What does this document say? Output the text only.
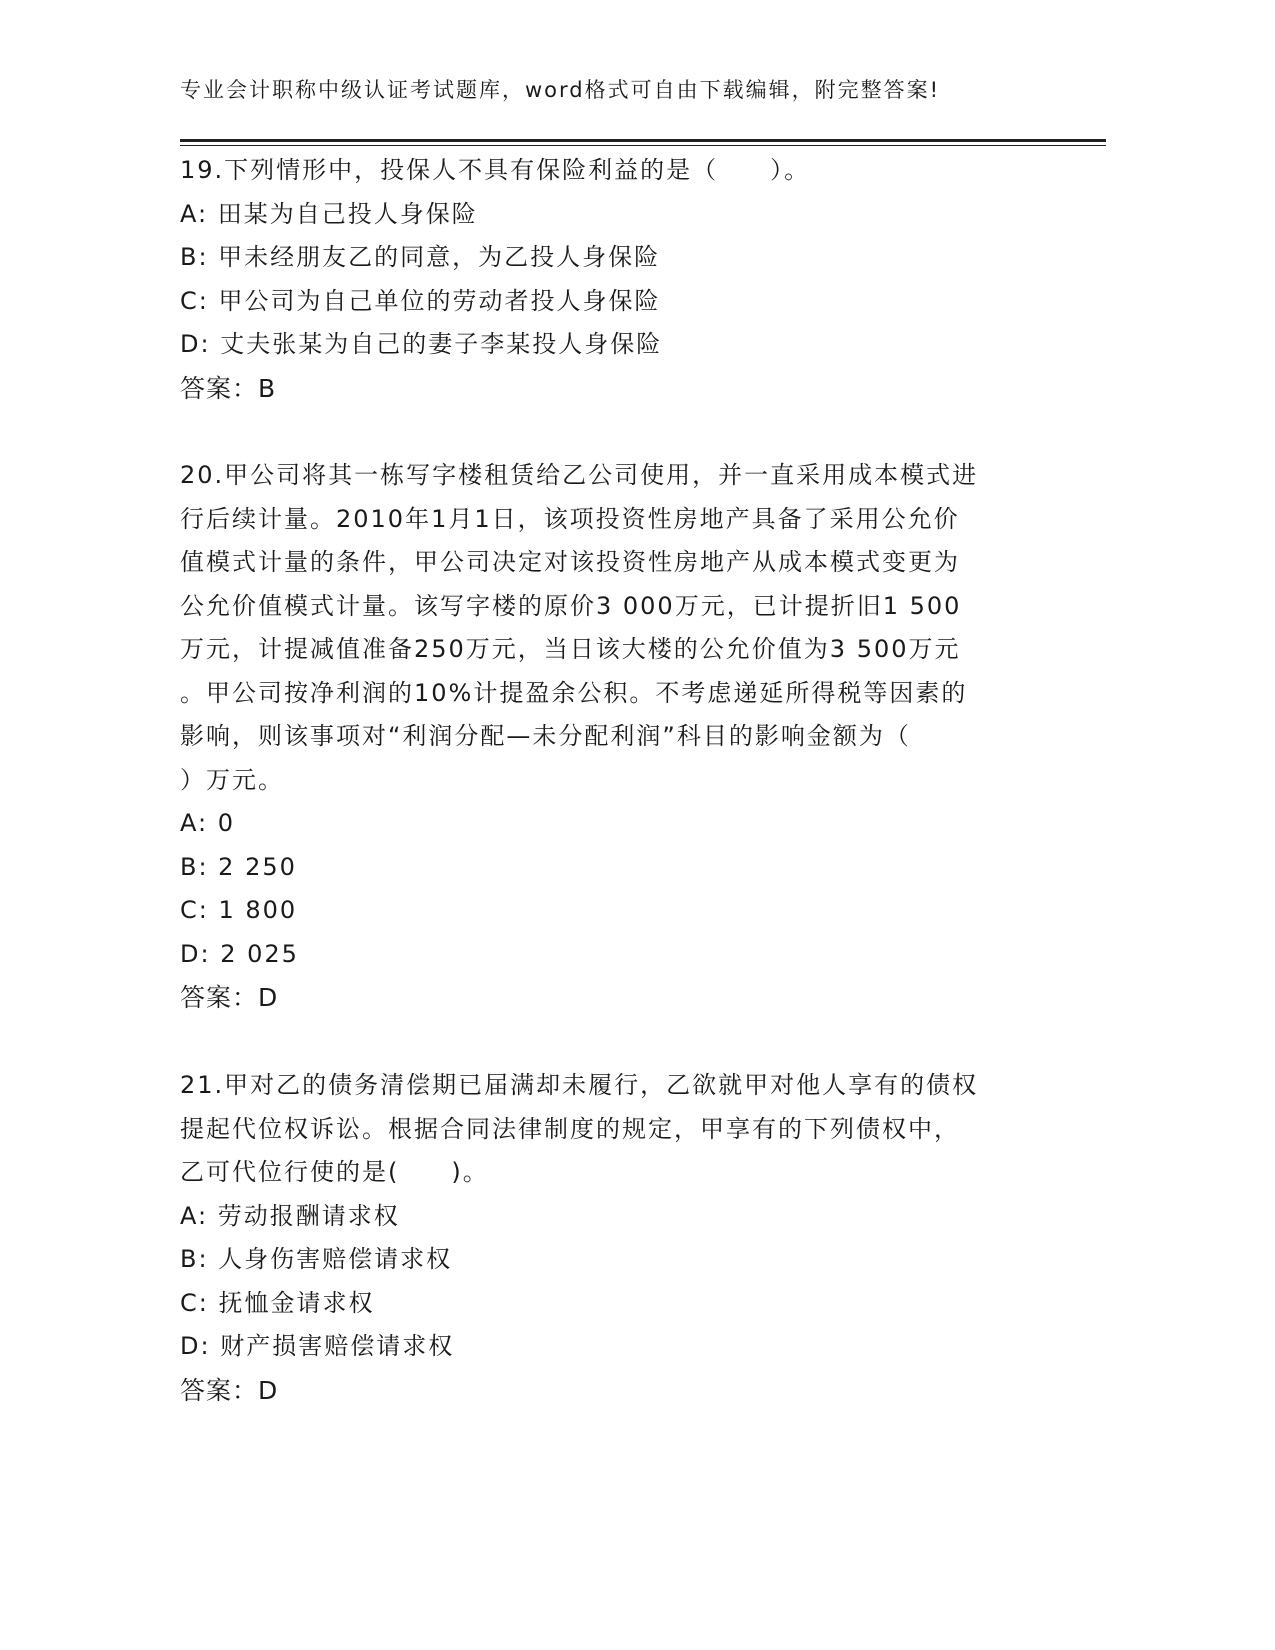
专业会计职称中级认证考试题库，word格式可自由下载编辑，附完整答案!
19.下列情形中，投保人不具有保险利益的是（　　）。
A: 田某为自己投人身保险
B: 甲未经朋友乙的同意，为乙投人身保险
C: 甲公司为自己单位的劳动者投人身保险
D: 丈夫张某为自己的妻子李某投人身保险
答案：B
20.甲公司将其一栋写字楼租赁给乙公司使用，并一直采用成本模式进
行后续计量。2010年1月1日，该项投资性房地产具备了采用公允价
值模式计量的条件，甲公司决定对该投资性房地产从成本模式变更为
公允价值模式计量。该写字楼的原价3 000万元，已计提折旧1 500
万元，计提减值准备250万元，当日该大楼的公允价值为3 500万元
。甲公司按净利润的10%计提盈余公积。不考虑递延所得税等因素的
影响，则该事项对“利润分配—未分配利润”科目的影响金额为（
）万元。
A: 0
B: 2 250
C: 1 800
D: 2 025
答案：D
21.甲对乙的债务清偿期已届满却未履行，乙欲就甲对他人享有的债权
提起代位权诉讼。根据合同法律制度的规定，甲享有的下列债权中，
乙可代位行使的是(　　)。
A: 劳动报酬请求权
B: 人身伤害赔偿请求权
C: 抚恤金请求权
D: 财产损害赔偿请求权
答案：D
